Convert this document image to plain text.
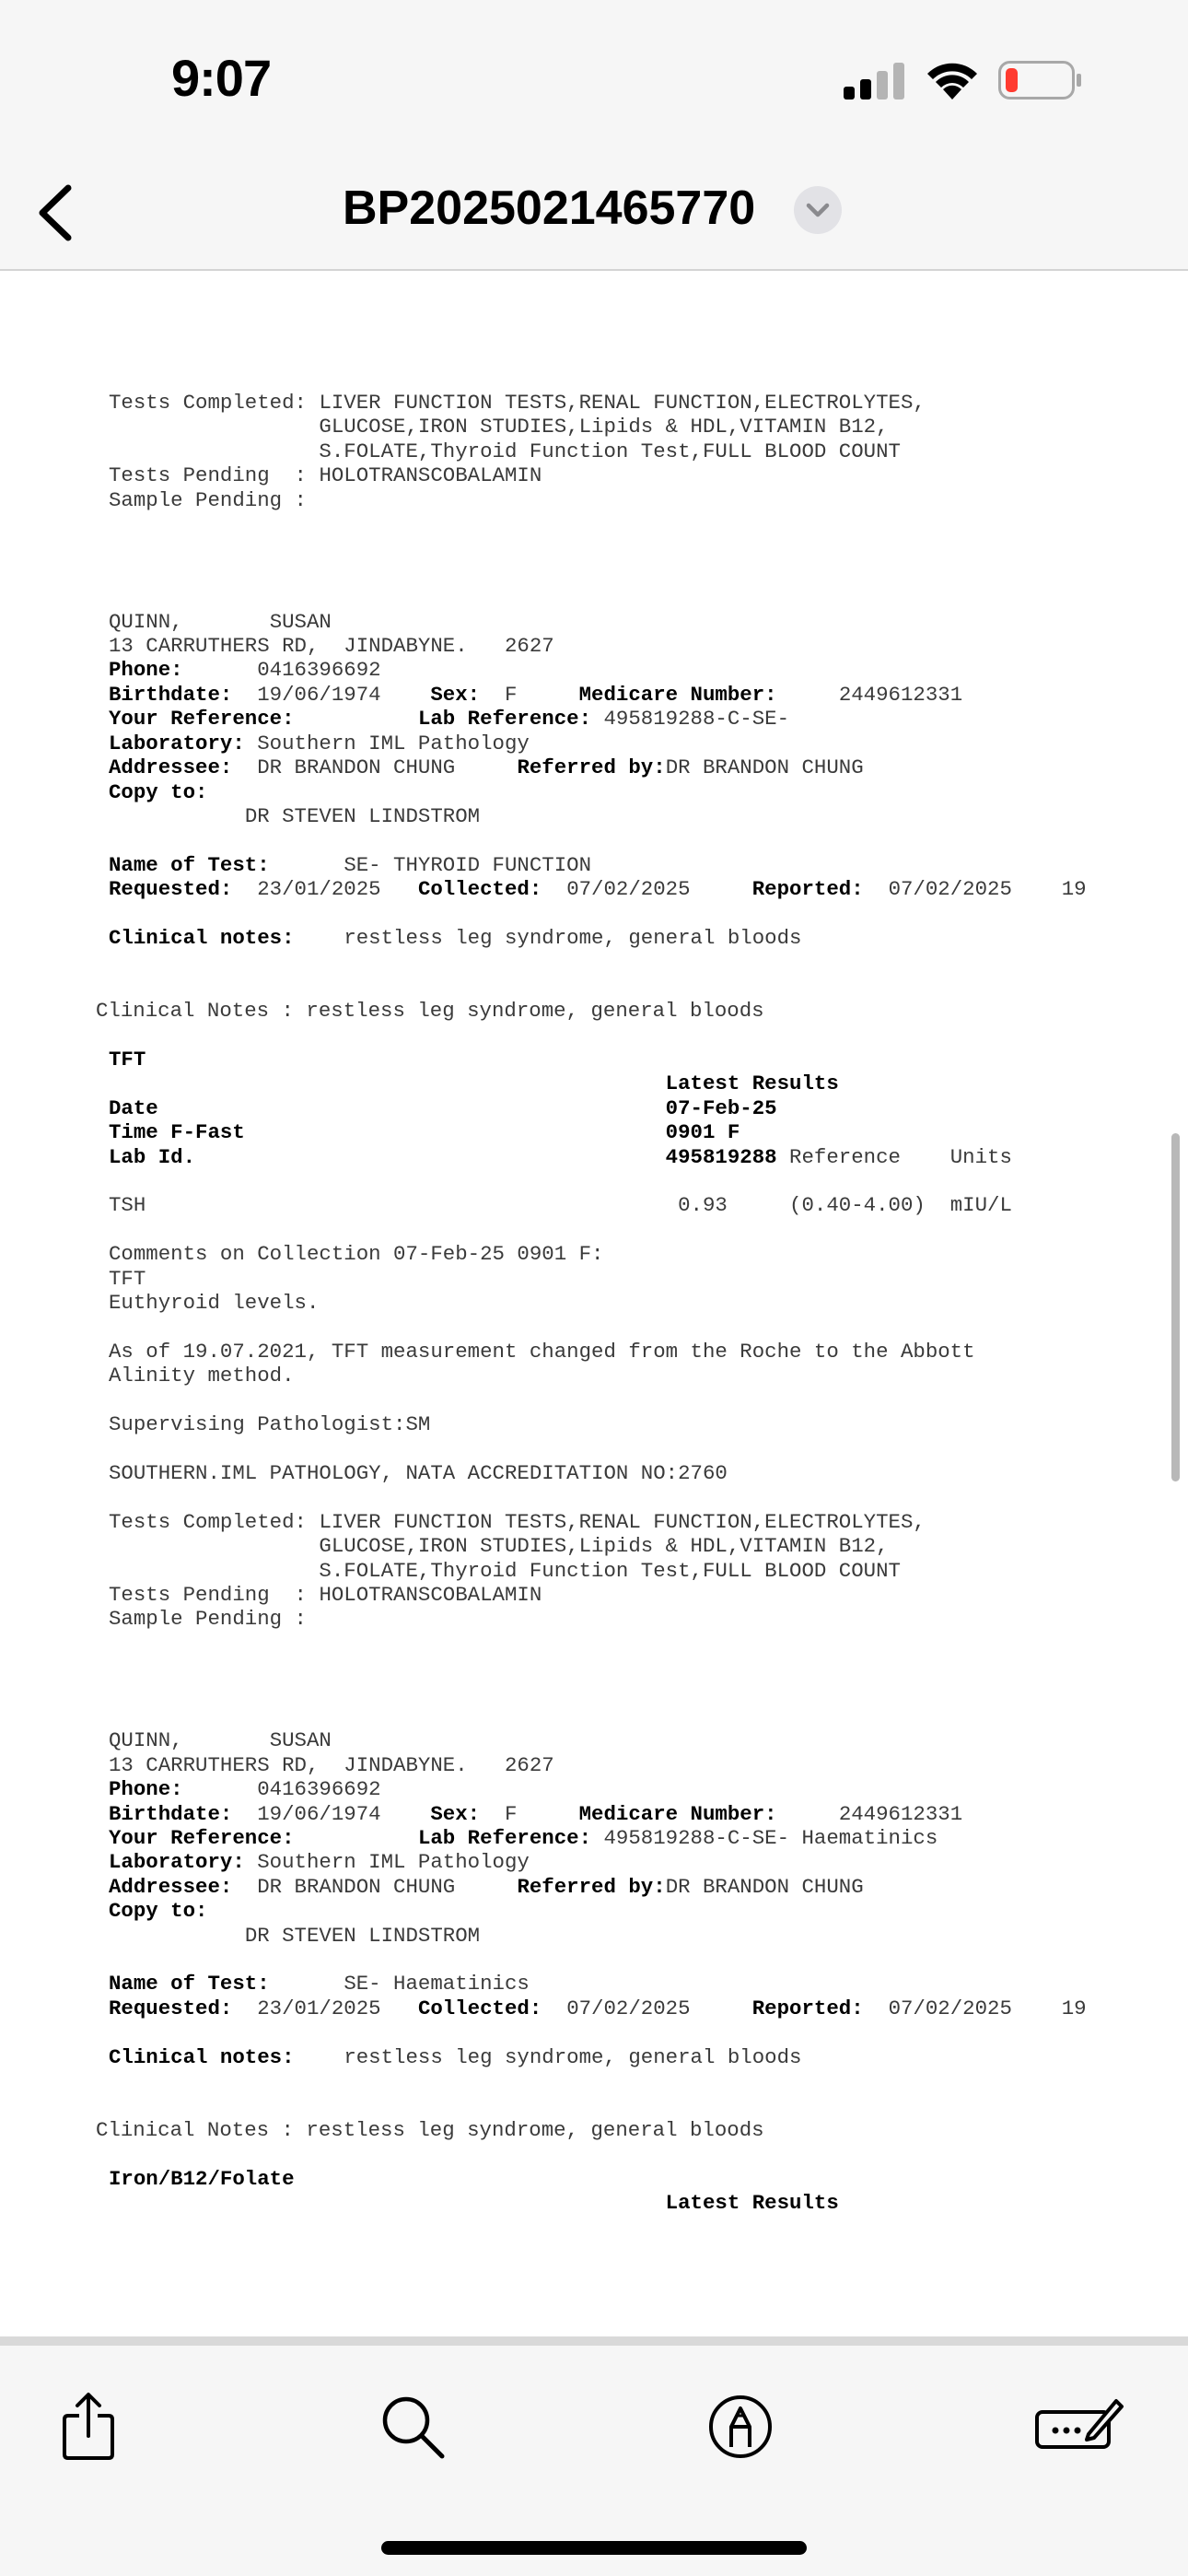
9:07
BP2025021465770
Tests Completed: LIVER FUNCTION TESTS,RENAL FUNCTION,ELECTROLYTES,
GLUCOSE,IRON STUDIES,Lipids & HDL,VITAMIN B12,
S.FOLATE,Thyroid Function Test,FULL BLOOD COUNT
Tests Pending  : HOLOTRANSCOBALAMIN
Sample Pending :

QUINN,	SUSAN
13 CARRUTHERS RD,  JINDABYNE. 2627
Phone:	0416396692
Birthdate: 19/06/1974 Sex: F	Medicare Number:	2449612331
Your Reference:	Lab Reference: 495819288-C-SE-
Laboratory: Southern IML Pathology
Addressee: DR BRANDON CHUNG	Referred by:DR BRANDON CHUNG
Copy to:
DR STEVEN LINDSTROM

Name of Test:	SE- THYROID FUNCTION
Requested: 23/01/2025 Collected: 07/02/2025	Reported: 07/02/2025 19

Clinical notes: restless leg syndrome, general bloods

Clinical Notes : restless leg syndrome, general bloods

TFT
Latest Results
Date	07-Feb-25
Time F-Fast	0901 F
Lab Id.	495819288 Reference Units

TSH	0.93	(0.40-4.00) mIU/L

Comments on Collection 07-Feb-25 0901 F:
TFT
Euthyroid levels.

As of 19.07.2021, TFT measurement changed from the Roche to the Abbott
Alinity method.

Supervising Pathologist:SM

SOUTHERN.IML PATHOLOGY, NATA ACCREDITATION NO:2760

Tests Completed: LIVER FUNCTION TESTS,RENAL FUNCTION,ELECTROLYTES,
GLUCOSE,IRON STUDIES,Lipids & HDL,VITAMIN B12,
S.FOLATE,Thyroid Function Test,FULL BLOOD COUNT
Tests Pending  : HOLOTRANSCOBALAMIN
Sample Pending :

QUINN,	SUSAN
13 CARRUTHERS RD,  JINDABYNE. 2627
Phone:	0416396692
Birthdate: 19/06/1974 Sex: F	Medicare Number:	2449612331
Your Reference:	Lab Reference: 495819288-C-SE- Haematinics
Laboratory: Southern IML Pathology
Addressee: DR BRANDON CHUNG	Referred by:DR BRANDON CHUNG
Copy to:
DR STEVEN LINDSTROM

Name of Test:	SE- Haematinics
Requested: 23/01/2025 Collected: 07/02/2025	Reported: 07/02/2025 19

Clinical notes: restless leg syndrome, general bloods

Clinical Notes : restless leg syndrome, general bloods

Iron/B12/Folate
Latest Results
